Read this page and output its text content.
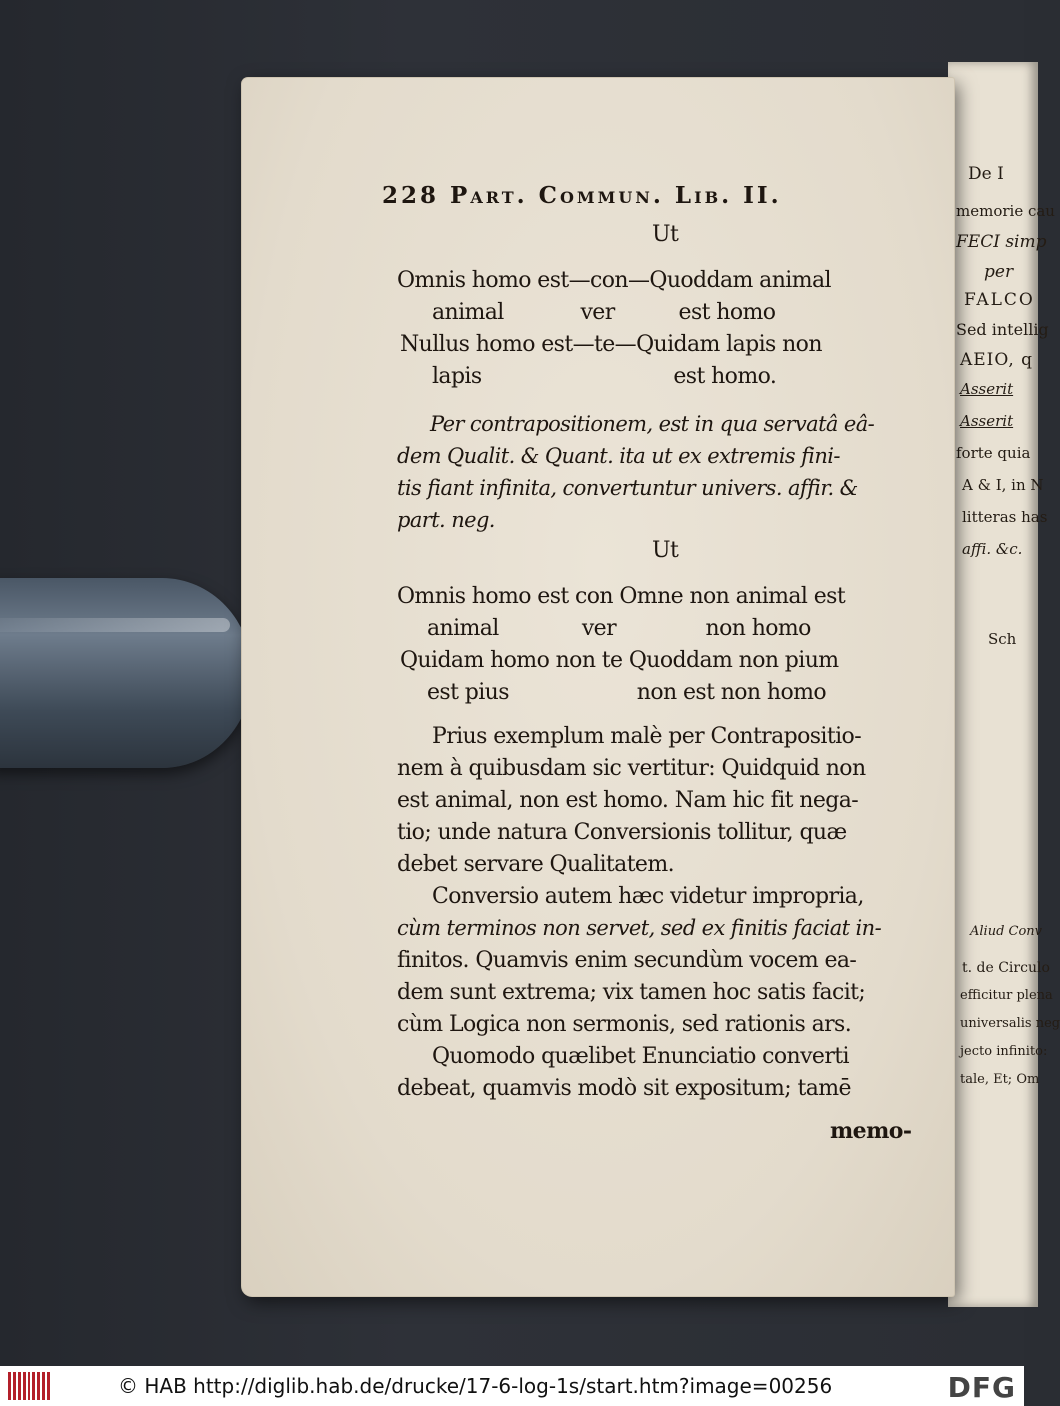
De I
memorie cau
FECI simp
per
FALCO
Sed intellig
AEIO, q
Asserit
Asserit
forte quia
A & I, in N
litteras has
affi. &c.
Sch
Aliud Conv
t. de Circulo
efficitur plena
universalis neg
jecto infinito:
tale, Et; Om
228 Part. Commun. Lib. II.
Ut
Omnis homo est—con—Quoddam animal
animal            ver          est homo
Nullus homo est—te—Quidam lapis non
lapis                              est homo.
Per contrapositionem, est in qua servatâ eâ-
dem Qualit. & Quant. ita ut ex extremis fini-
tis fiant infinita, convertuntur univers. affir. &
part. neg.
Ut
Omnis homo est con Omne non animal est
animal             ver              non homo
Quidam homo non te Quoddam non pium
est pius                    non est non homo
Prius exemplum malè per Contrapositio-
nem à quibusdam sic vertitur: Quidquid non
est animal, non est homo. Nam hic fit nega-
tio; unde natura Conversionis tollitur, quæ
debet servare Qualitatem.
Conversio autem hæc videtur impropria,
cùm terminos non servet, sed ex finitis faciat in-
finitos. Quamvis enim secundùm vocem ea-
dem sunt extrema; vix tamen hoc satis facit;
cùm Logica non sermonis, sed rationis ars.
Quomodo quælibet Enunciatio converti
debeat, quamvis modò sit expositum; tamē
memo-
© HAB http://diglib.hab.de/drucke/17-6-log-1s/start.htm?image=00256	DFG
